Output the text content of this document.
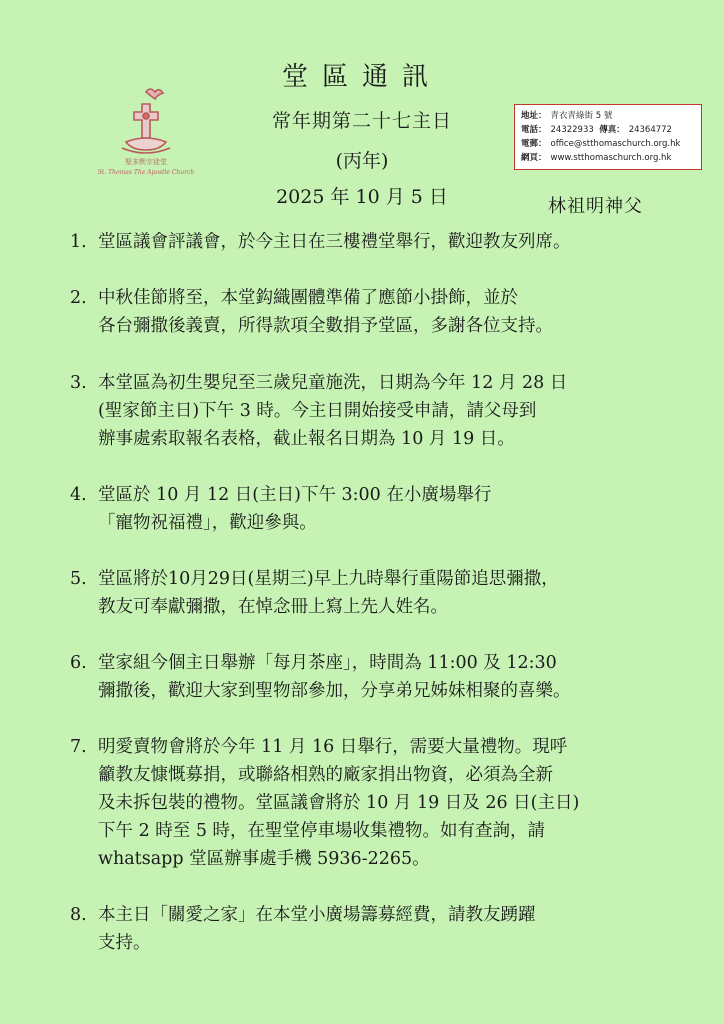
聖多默宗徒堂
St. Thomas The Apostle Church
堂區通訊
常年期第二十七主日
(丙年)
2025 年 10 月 5 日
地址： 青衣青綠街 5 號
電話： 24322933 傳真： 24364772
電郵： office@stthomaschurch.org.hk
網頁： www.stthomaschurch.org.hk
林祖明神父
1. 堂區議會評議會，於今主日在三樓禮堂舉行，歡迎教友列席。
2. 中秋佳節將至，本堂鈎織團體準備了應節小掛飾，並於
各台彌撒後義賣，所得款項全數捐予堂區，多謝各位支持。
3. 本堂區為初生嬰兒至三歲兒童施洗，日期為今年 12 月 28 日
(聖家節主日)下午 3 時。今主日開始接受申請，請父母到
辦事處索取報名表格，截止報名日期為 10 月 19 日。
4. 堂區於 10 月 12 日(主日)下午 3:00 在小廣場舉行
「寵物祝福禮」，歡迎參與。
5. 堂區將於10月29日(星期三)早上九時舉行重陽節追思彌撒，
教友可奉獻彌撒，在悼念冊上寫上先人姓名。
6. 堂家組今個主日舉辦「每月茶座」，時間為 11:00 及 12:30
彌撒後，歡迎大家到聖物部參加，分享弟兄姊妹相聚的喜樂。
7. 明愛賣物會將於今年 11 月 16 日舉行，需要大量禮物。現呼
籲教友慷慨募捐，或聯絡相熟的廠家捐出物資，必須為全新
及未拆包裝的禮物。堂區議會將於 10 月 19 日及 26 日(主日)
下午 2 時至 5 時，在聖堂停車場收集禮物。如有查詢，請
whatsapp 堂區辦事處手機 5936-2265。
8. 本主日「關愛之家」在本堂小廣場籌募經費，請教友踴躍
支持。
